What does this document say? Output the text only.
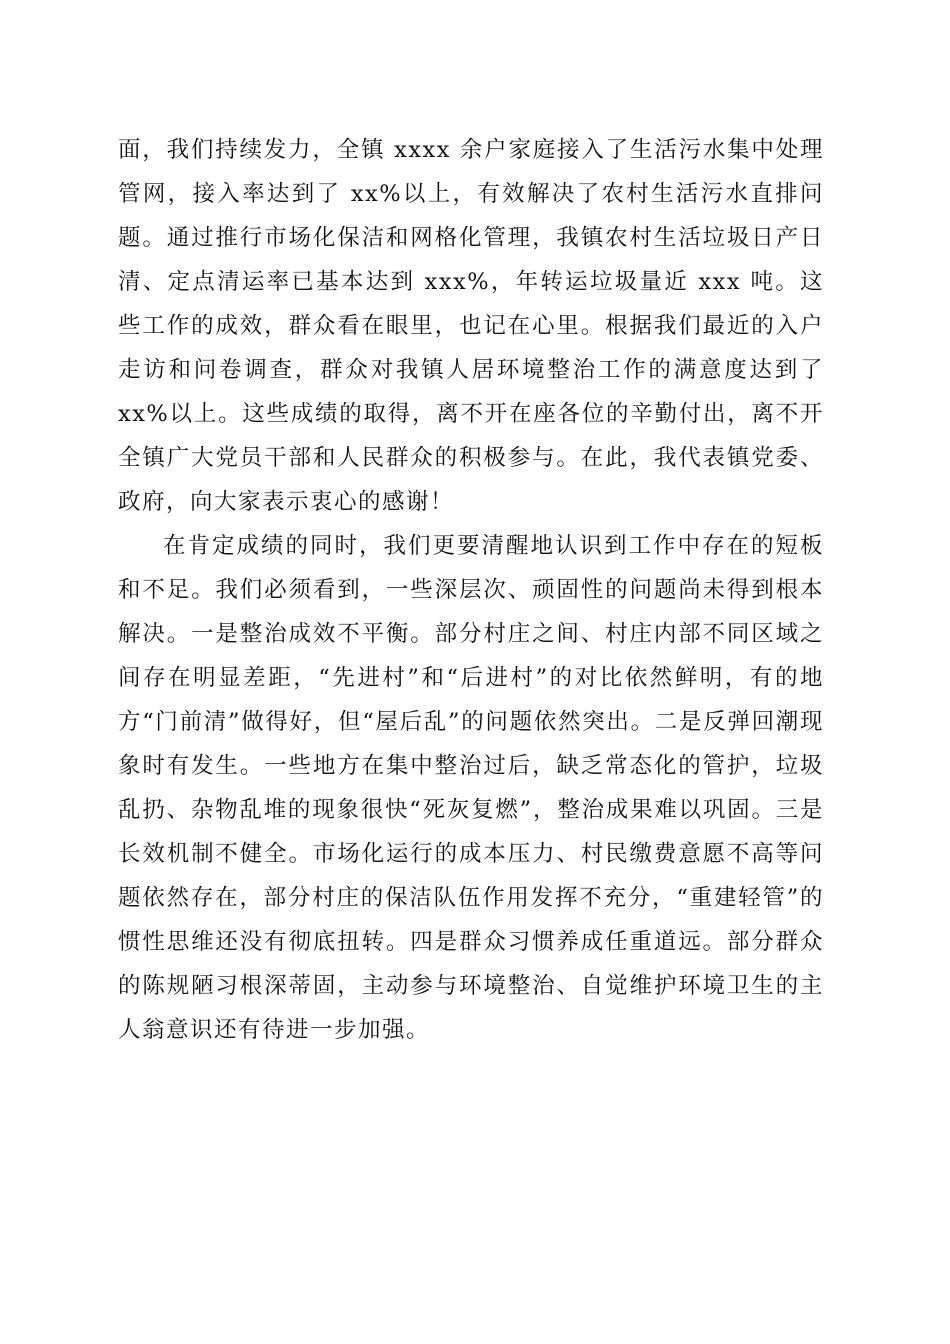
面，我们持续发力，全镇 xxxx 余户家庭接入了生活污水集中处理管网，接入率达到了 xx%以上，有效解决了农村生活污水直排问题。通过推行市场化保洁和网格化管理，我镇农村生活垃圾日产日清、定点清运率已基本达到 xxx%，年转运垃圾量近 xxx 吨。这些工作的成效，群众看在眼里，也记在心里。根据我们最近的入户走访和问卷调查，群众对我镇人居环境整治工作的满意度达到了 xx%以上。这些成绩的取得，离不开在座各位的辛勤付出，离不开全镇广大党员干部和人民群众的积极参与。在此，我代表镇党委、政府，向大家表示衷心的感谢！

在肯定成绩的同时，我们更要清醒地认识到工作中存在的短板和不足。我们必须看到，一些深层次、顽固性的问题尚未得到根本解决。一是整治成效不平衡。部分村庄之间、村庄内部不同区域之间存在明显差距，“先进村”和“后进村”的对比依然鲜明，有的地方“门前清”做得好，但“屋后乱”的问题依然突出。二是反弹回潮现象时有发生。一些地方在集中整治过后，缺乏常态化的管护，垃圾乱扔、杂物乱堆的现象很快“死灰复燃”，整治成果难以巩固。三是长效机制不健全。市场化运行的成本压力、村民缴费意愿不高等问题依然存在，部分村庄的保洁队伍作用发挥不充分，“重建轻管”的惯性思维还没有彻底扭转。四是群众习惯养成任重道远。部分群众的陈规陋习根深蒂固，主动参与环境整治、自觉维护环境卫生的主人翁意识还有待进一步加强。
